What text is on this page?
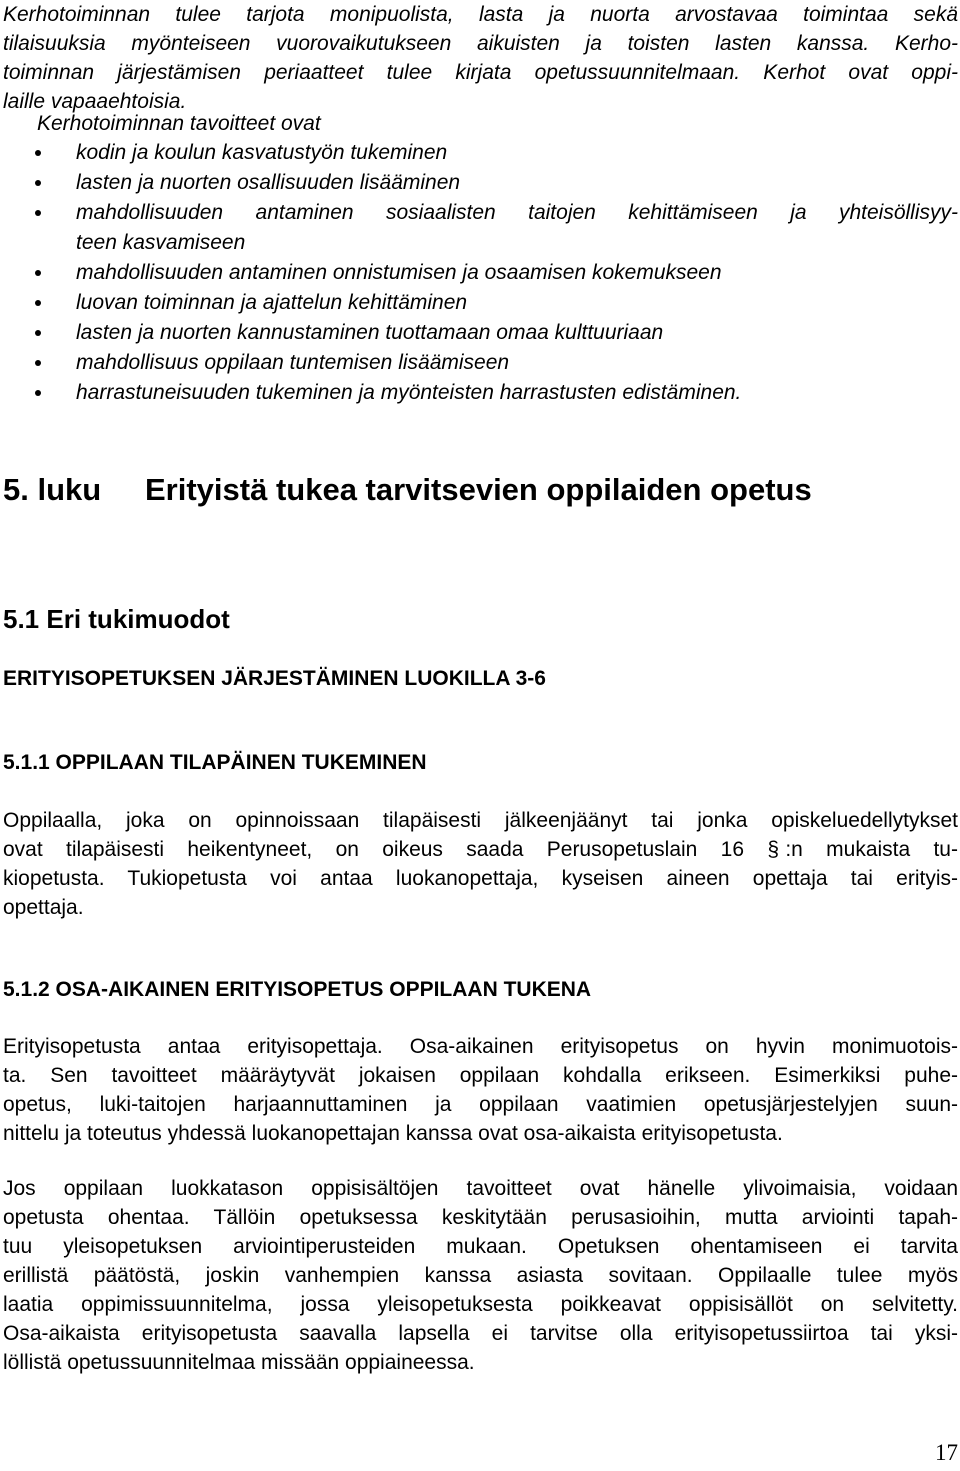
Kerhotoiminnan tulee tarjota monipuolista, lasta ja nuorta arvostavaa toimintaa sekä
tilaisuuksia myönteiseen vuorovaikutukseen aikuisten ja toisten lasten kanssa. Kerho-
toiminnan järjestämisen periaatteet tulee kirjata opetussuunnitelmaan. Kerhot ovat oppi-
laille vapaaehtoisia.

Kerhotoiminnan tavoitteet ovat

kodin ja koulun kasvatustyön tukeminen
lasten ja nuorten osallisuuden lisääminen
mahdollisuuden antaminen sosiaalisten taitojen kehittämiseen ja yhteisöllisyy-
teen kasvamiseen
mahdollisuuden antaminen onnistumisen ja osaamisen kokemukseen
luovan toiminnan ja ajattelun kehittäminen
lasten ja nuorten kannustaminen tuottamaan omaa kulttuuriaan
mahdollisuus oppilaan tuntemisen lisäämiseen
harrastuneisuuden tukeminen ja myönteisten harrastusten edistäminen.
5. luku Erityistä tukea tarvitsevien oppilaiden opetus
5.1 Eri tukimuodot
ERITYISOPETUKSEN JÄRJESTÄMINEN LUOKILLA 3-6
5.1.1 OPPILAAN TILAPÄINEN TUKEMINEN
Oppilaalla, joka on opinnoissaan tilapäisesti jälkeenjäänyt tai jonka opiskeluedellytykset
ovat tilapäisesti heikentyneet, on oikeus saada Perusopetuslain 16 § :n mukaista tu-
kiopetusta. Tukiopetusta voi antaa luokanopettaja, kyseisen aineen opettaja tai erityis-
opettaja.
5.1.2 OSA-AIKAINEN ERITYISOPETUS OPPILAAN TUKENA
Erityisopetusta antaa erityisopettaja. Osa-aikainen erityisopetus on hyvin monimuotois-
ta. Sen tavoitteet määräytyvät jokaisen oppilaan kohdalla erikseen. Esimerkiksi puhe-
opetus, luki-taitojen harjaannuttaminen ja oppilaan vaatimien opetusjärjestelyjen suun-
nittelu ja toteutus yhdessä luokanopettajan kanssa ovat osa-aikaista erityisopetusta.
Jos oppilaan luokkatason oppisisältöjen tavoitteet ovat hänelle ylivoimaisia, voidaan
opetusta ohentaa. Tällöin opetuksessa keskitytään perusasioihin, mutta arviointi tapah-
tuu yleisopetuksen arviointiperusteiden mukaan. Opetuksen ohentamiseen ei tarvita
erillistä päätöstä, joskin vanhempien kanssa asiasta sovitaan. Oppilaalle tulee myös
laatia oppimissuunnitelma, jossa yleisopetuksesta poikkeavat oppisisällöt on selvitetty.
Osa-aikaista erityisopetusta saavalla lapsella ei tarvitse olla erityisopetussiirtoa tai yksi-
löllistä opetussuunnitelmaa missään oppiaineessa.

17
